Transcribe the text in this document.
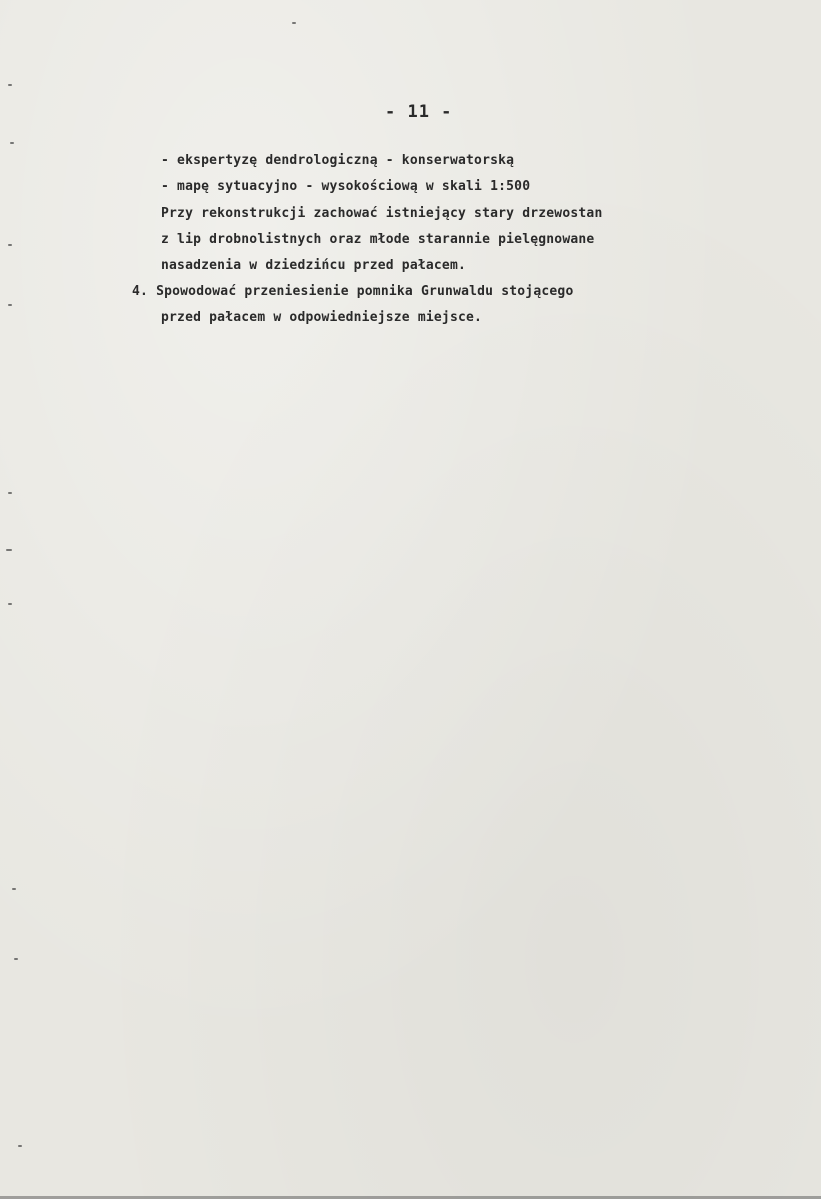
- 11 -
- ekspertyzę dendrologiczną - konserwatorską
- mapę sytuacyjno - wysokościową w skali 1:500
Przy rekonstrukcji zachować istniejący stary drzewostan
z lip drobnolistnych oraz młode starannie pielęgnowane
nasadzenia w dziedzińcu przed pałacem.
4. Spowodować przeniesienie pomnika Grunwaldu stojącego
przed pałacem w odpowiedniejsze miejsce.
